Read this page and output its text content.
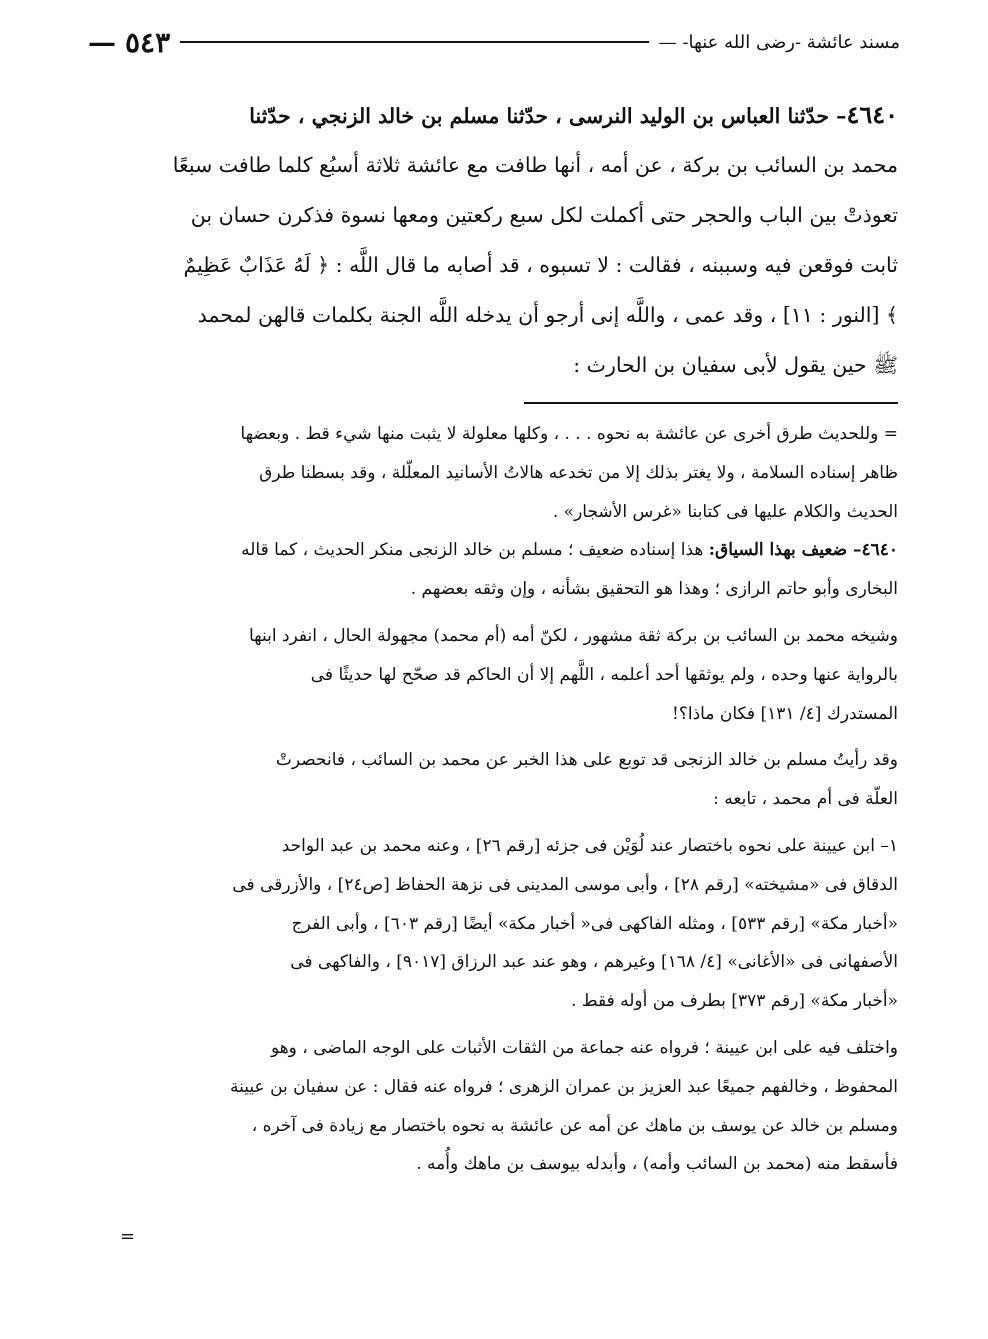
— ٥٤٣	مسند عائشة -رضى الله عنها- —
٤٦٤٠– حدّثنا العباس بن الوليد النرسى ، حدّثنا مسلم بن خالد الزنجي ، حدّثنا
محمد بن السائب بن بركة ، عن أمه ، أنها طافت مع عائشة ثلاثة أسبُع كلما طافت سبعًا
تعوذتْ بين الباب والحجر حتى أكملت لكل سبع ركعتين ومعها نسوة فذكرن حسان بن
ثابت فوقعن فيه وسببنه ، فقالت : لا تسبوه ، قد أصابه ما قال اللَّه : ﴿ لَهُ عَذَابٌ عَظِيمٌ
﴾ [النور : ١١] ، وقد عمى ، واللَّه إنى أرجو أن يدخله اللَّه الجنة بكلمات قالهن لمحمد
ﷺ حين يقول لأبى سفيان بن الحارث :
= وللحديث طرق أخرى عن عائشة به نحوه . . . ، وكلها معلولة لا يثبت منها شيء قط . وبعضها
ظاهر إسناده السلامة ، ولا يغتر بذلك إلا من تخدعه هالاتُ الأسانيد المعلّلة ، وقد بسطنا طرق
الحديث والكلام عليها فى كتابنا «غرس الأشجار» .
٤٦٤٠– ضعيف بهذا السياق: هذا إسناده ضعيف ؛ مسلم بن خالد الزنجى منكر الحديث ، كما قاله
البخارى وأبو حاتم الرازى ؛ وهذا هو التحقيق بشأنه ، وإن وثقه بعضهم .
وشيخه محمد بن السائب بن بركة ثقة مشهور ، لكنّ أمه (أم محمد) مجهولة الحال ، انفرد ابنها
بالرواية عنها وحده ، ولم يوثقها أحد أعلمه ، اللَّهم إلا أن الحاكم قد صحّح لها حديثًا فى
المستدرك [٤/ ١٣١] فكان ماذا؟!
وقد رأيتُ مسلم بن خالد الزنجى قد توبع على هذا الخبر عن محمد بن السائب ، فانحصرتْ
العلّة فى أم محمد ، تابعه :
١– ابن عيينة على نحوه باختصار عند لُوَيْن فى جزئه [رقم ٢٦] ، وعنه محمد بن عبد الواحد
الدقاق فى «مشيخته» [رقم ٢٨] ، وأبى موسى المدينى فى نزهة الحفاظ [ص٢٤] ، والأزرقى فى
«أخبار مكة» [رقم ٥٣٣] ، ومثله الفاكهى فى« أخبار مكة» أيضًا [رقم ٦٠٣] ، وأبى الفرج
الأصفهانى فى «الأغانى» [٤/ ١٦٨] وغيرهم ، وهو عند عبد الرزاق [٩٠١٧] ، والفاكهى فى
«أخبار مكة» [رقم ٣٧٣] بطرف من أوله فقط .
واختلف فيه على ابن عيينة ؛ فرواه عنه جماعة من الثقات الأثبات على الوجه الماضى ، وهو
المحفوظ ، وخالفهم جميعًا عبد العزيز بن عمران الزهرى ؛ فرواه عنه فقال : عن سفيان بن عيينة
ومسلم بن خالد عن يوسف بن ماهك عن أمه عن عائشة به نحوه باختصار مع زيادة فى آخره ،
فأسقط منه (محمد بن السائب وأمه) ، وأبدله بيوسف بن ماهك وأُمه .
=
